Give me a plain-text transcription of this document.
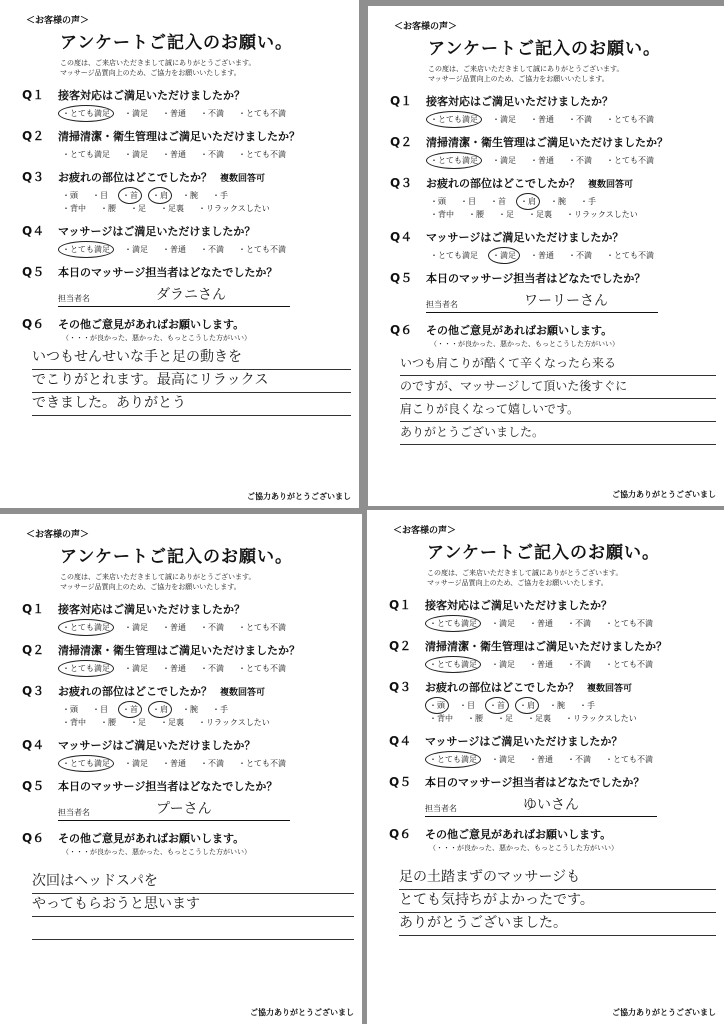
＜お客様の声＞
アンケートご記入のお願い。
この度は、ご来店いただきまして誠にありがとうございます。
マッサージ品質向上のため、ご協力をお願いいたします。
Q１	接客対応はご満足いただけましたか？
・とても満足 ・満足 ・普通 ・不満 ・とても不満
Q２	清掃清潔・衛生管理はご満足いただけましたか？
・とても満足 ・満足 ・普通 ・不満 ・とても不満
Q３	お疲れの部位はどこでしたか？ 複数回答可
・頭 ・目 ・首 ・肩 ・腕 ・手
・背中 ・腰 ・足 ・足裏 ・リラックスしたい
Q４	マッサージはご満足いただけましたか？
・とても満足 ・満足 ・普通 ・不満 ・とても不満
Q５	本日のマッサージ担当者はどなたでしたか？
担当者名	ダラニさん
Q６	その他ご意見があればお願いします。
（・・・が良かった、悪かった、もっとこうした方がいい）
いつもせんせいな手と足の動きを
でこりがとれます。最高にリラックス
できました。ありがとう
ご協力ありがとうございまし
＜お客様の声＞
アンケートご記入のお願い。
この度は、ご来店いただきまして誠にありがとうございます。
マッサージ品質向上のため、ご協力をお願いいたします。
Q１	接客対応はご満足いただけましたか？
・とても満足 ・満足 ・普通 ・不満 ・とても不満
Q２	清掃清潔・衛生管理はご満足いただけましたか？
・とても満足 ・満足 ・普通 ・不満 ・とても不満
Q３	お疲れの部位はどこでしたか？ 複数回答可
・頭 ・目 ・首 ・肩 ・腕 ・手
・背中 ・腰 ・足 ・足裏 ・リラックスしたい
Q４	マッサージはご満足いただけましたか？
・とても満足 ・満足 ・普通 ・不満 ・とても不満
Q５	本日のマッサージ担当者はどなたでしたか？
担当者名	ワーリーさん
Q６	その他ご意見があればお願いします。
（・・・が良かった、悪かった、もっとこうした方がいい）
いつも肩こりが酷くて辛くなったら来る
のですが、マッサージして頂いた後すぐに
肩こりが良くなって嬉しいです。
ありがとうございました。
ご協力ありがとうございまし
＜お客様の声＞
アンケートご記入のお願い。
この度は、ご来店いただきまして誠にありがとうございます。
マッサージ品質向上のため、ご協力をお願いいたします。
Q１	接客対応はご満足いただけましたか？
・とても満足 ・満足 ・普通 ・不満 ・とても不満
Q２	清掃清潔・衛生管理はご満足いただけましたか？
・とても満足 ・満足 ・普通 ・不満 ・とても不満
Q３	お疲れの部位はどこでしたか？ 複数回答可
・頭 ・目 ・首 ・肩 ・腕 ・手
・背中 ・腰 ・足 ・足裏 ・リラックスしたい
Q４	マッサージはご満足いただけましたか？
・とても満足 ・満足 ・普通 ・不満 ・とても不満
Q５	本日のマッサージ担当者はどなたでしたか？
担当者名	プーさん
Q６	その他ご意見があればお願いします。
（・・・が良かった、悪かった、もっとこうした方がいい）
次回はヘッドスパを
やってもらおうと思います
ご協力ありがとうございまし
＜お客様の声＞
アンケートご記入のお願い。
この度は、ご来店いただきまして誠にありがとうございます。
マッサージ品質向上のため、ご協力をお願いいたします。
Q１	接客対応はご満足いただけましたか？
・とても満足 ・満足 ・普通 ・不満 ・とても不満
Q２	清掃清潔・衛生管理はご満足いただけましたか？
・とても満足 ・満足 ・普通 ・不満 ・とても不満
Q３	お疲れの部位はどこでしたか？ 複数回答可
・頭 ・目 ・首 ・肩 ・腕 ・手
・背中 ・腰 ・足 ・足裏 ・リラックスしたい
Q４	マッサージはご満足いただけましたか？
・とても満足 ・満足 ・普通 ・不満 ・とても不満
Q５	本日のマッサージ担当者はどなたでしたか？
担当者名	ゆいさん
Q６	その他ご意見があればお願いします。
（・・・が良かった、悪かった、もっとこうした方がいい）
足の土踏まずのマッサージも
とても気持ちがよかったです。
ありがとうございました。
ご協力ありがとうございまし
